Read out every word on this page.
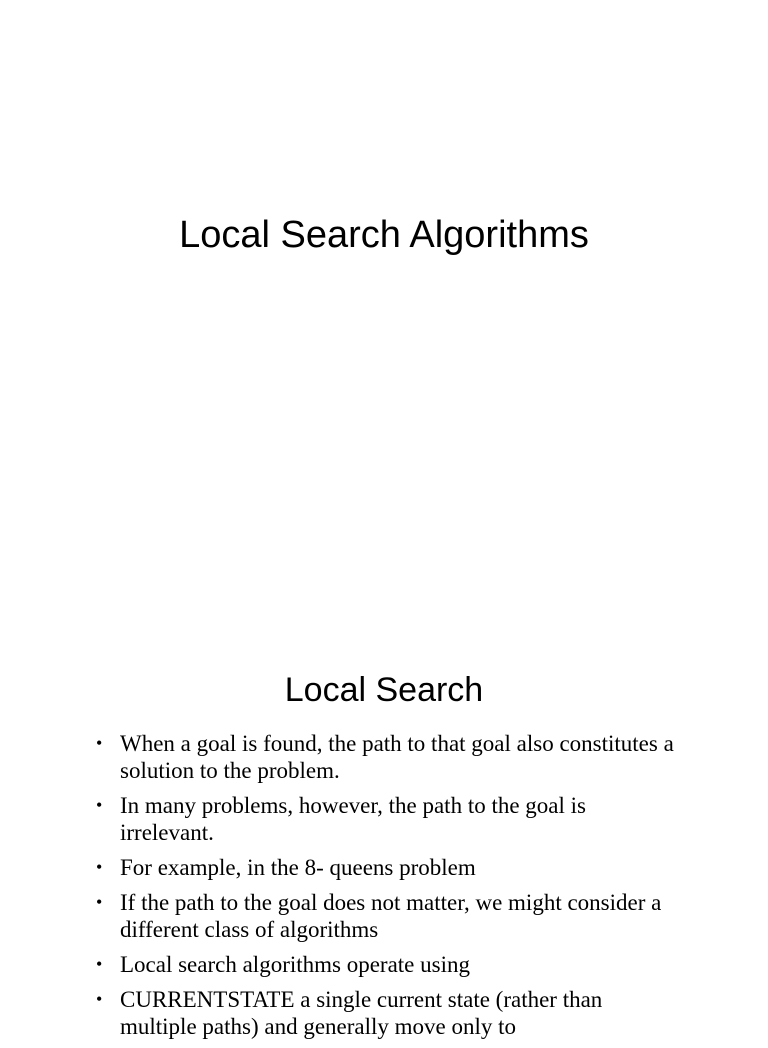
Local Search Algorithms
Local Search
• When a goal is found, the path to that goal also constitutes a solution to the problem.
• In many problems, however, the path to the goal is irrelevant.
• For example, in the 8- queens problem
• If the path to the goal does not matter, we might consider a different class of algorithms
• Local search algorithms operate using
• CURRENTSTATE a single current state (rather than multiple paths) and generally move only to
